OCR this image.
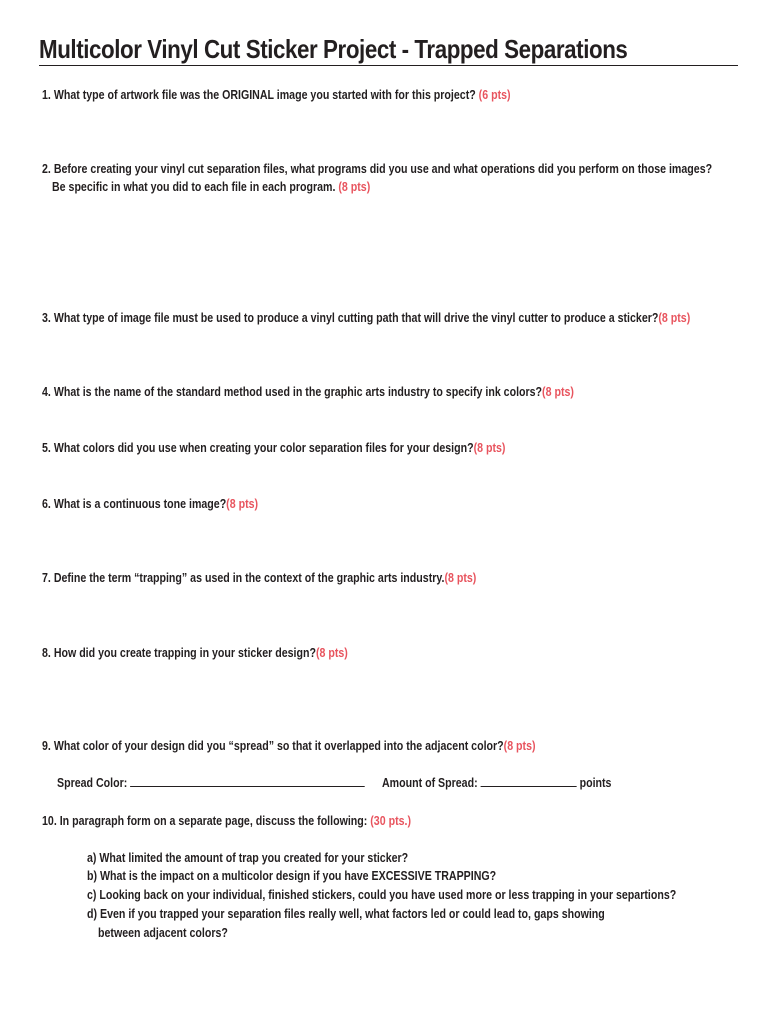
Multicolor Vinyl Cut Sticker Project - Trapped Separations
1. What type of artwork file was the ORIGINAL image you started with for this project? (6 pts)
2. Before creating your vinyl cut separation files, what programs did you use and what operations did you perform on those images?
Be specific in what you did to each file in each program. (8 pts)
3. What type of image file must be used to produce a vinyl cutting path that will drive the vinyl cutter to produce a sticker?(8 pts)
4. What is the name of the standard method used in the graphic arts industry to specify ink colors?(8 pts)
5. What colors did you use when creating your color separation files for your design?(8 pts)
6. What is a continuous tone image?(8 pts)
7. Define the term “trapping” as used in the context of the graphic arts industry.(8 pts)
8. How did you create trapping in your sticker design?(8 pts)
9. What color of your design did you “spread” so that it overlapped into the adjacent color?(8 pts)
Spread Color:	Amount of Spread:	points
10. In paragraph form on a separate page, discuss the following: (30 pts.)
a) What limited the amount of trap you created for your sticker?
b) What is the impact on a multicolor design if you have EXCESSIVE TRAPPING?
c) Looking back on your individual, finished stickers, could you have used more or less trapping in your separtions?
d) Even if you trapped your separation files really well, what factors led or could lead to, gaps showing
between adjacent colors?
